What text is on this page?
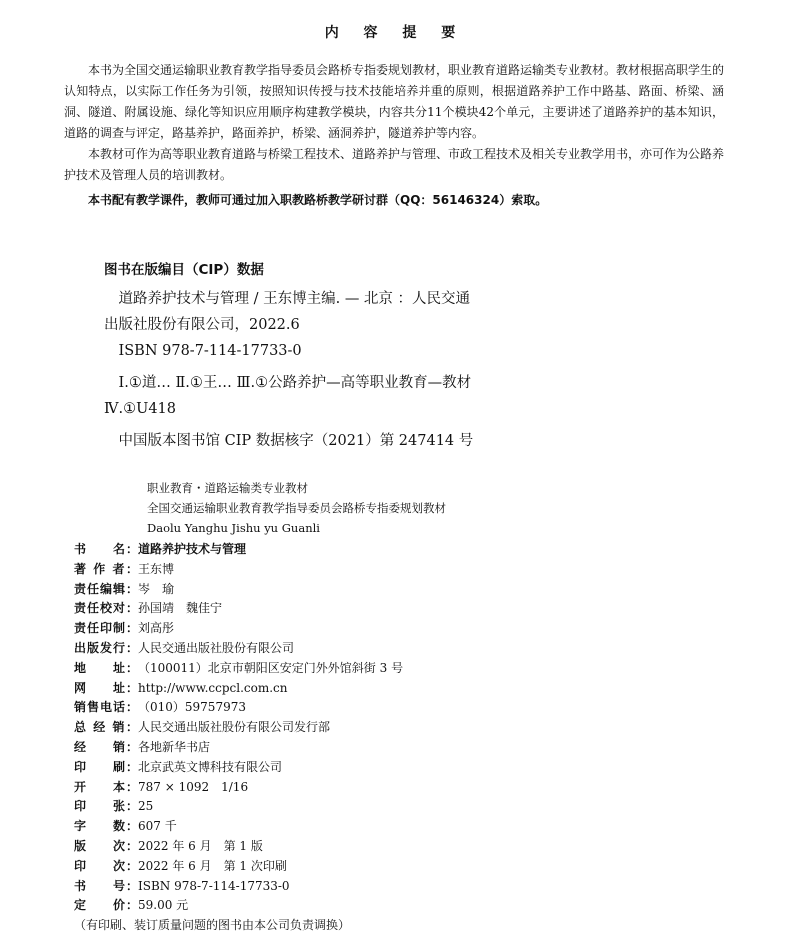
内 容 提 要

本书为全国交通运输职业教育教学指导委员会路桥专指委规划教材，职业教育道路运输类专业教材。教材根据高职学生的认知特点，以实际工作任务为引领，按照知识传授与技术技能培养并重的原则，根据道路养护工作中路基、路面、桥梁、涵洞、隧道、附属设施、绿化等知识应用顺序构建教学模块，内容共分11个模块42个单元，主要讲述了道路养护的基本知识，道路的调查与评定，路基养护，路面养护，桥梁、涵洞养护，隧道养护等内容。

本教材可作为高等职业教育道路与桥梁工程技术、道路养护与管理、市政工程技术及相关专业教学用书，亦可作为公路养护技术及管理人员的培训教材。

本书配有教学课件，教师可通过加入职教路桥教学研讨群（QQ：56146324）索取。

图书在版编目（CIP）数据

道路养护技术与管理 / 王东博主编. — 北京 ：人民交通出版社股份有限公司，2022.6

ISBN 978-7-114-17733-0

Ⅰ.①道… Ⅱ.①王… Ⅲ.①公路养护—高等职业教育—教材 Ⅳ.①U418

中国版本图书馆 CIP 数据核字（2021）第 247414 号

职业教育・道路运输类专业教材
全国交通运输职业教育教学指导委员会路桥专指委规划教材
Daolu Yanghu Jishu yu Guanli
书　　名： 道路养护技术与管理
著 作 者： 王东博
责任编辑： 岑　瑜
责任校对： 孙国靖　魏佳宁
责任印制： 刘高彤
出版发行： 人民交通出版社股份有限公司
地　　址： （100011）北京市朝阳区安定门外外馆斜街 3 号
网　　址： http://www.ccpcl.com.cn
销售电话： （010）59757973
总 经 销： 人民交通出版社股份有限公司发行部
经　　销： 各地新华书店
印　　刷： 北京武英文博科技有限公司
开　　本： 787 × 1092　1/16
印　　张： 25
字　　数： 607 千
版　　次： 2022 年 6 月　第 1 版
印　　次： 2022 年 6 月　第 1 次印刷
书　　号： ISBN 978-7-114-17733-0
定　　价： 59.00 元
（有印刷、装订质量问题的图书由本公司负责调换）
